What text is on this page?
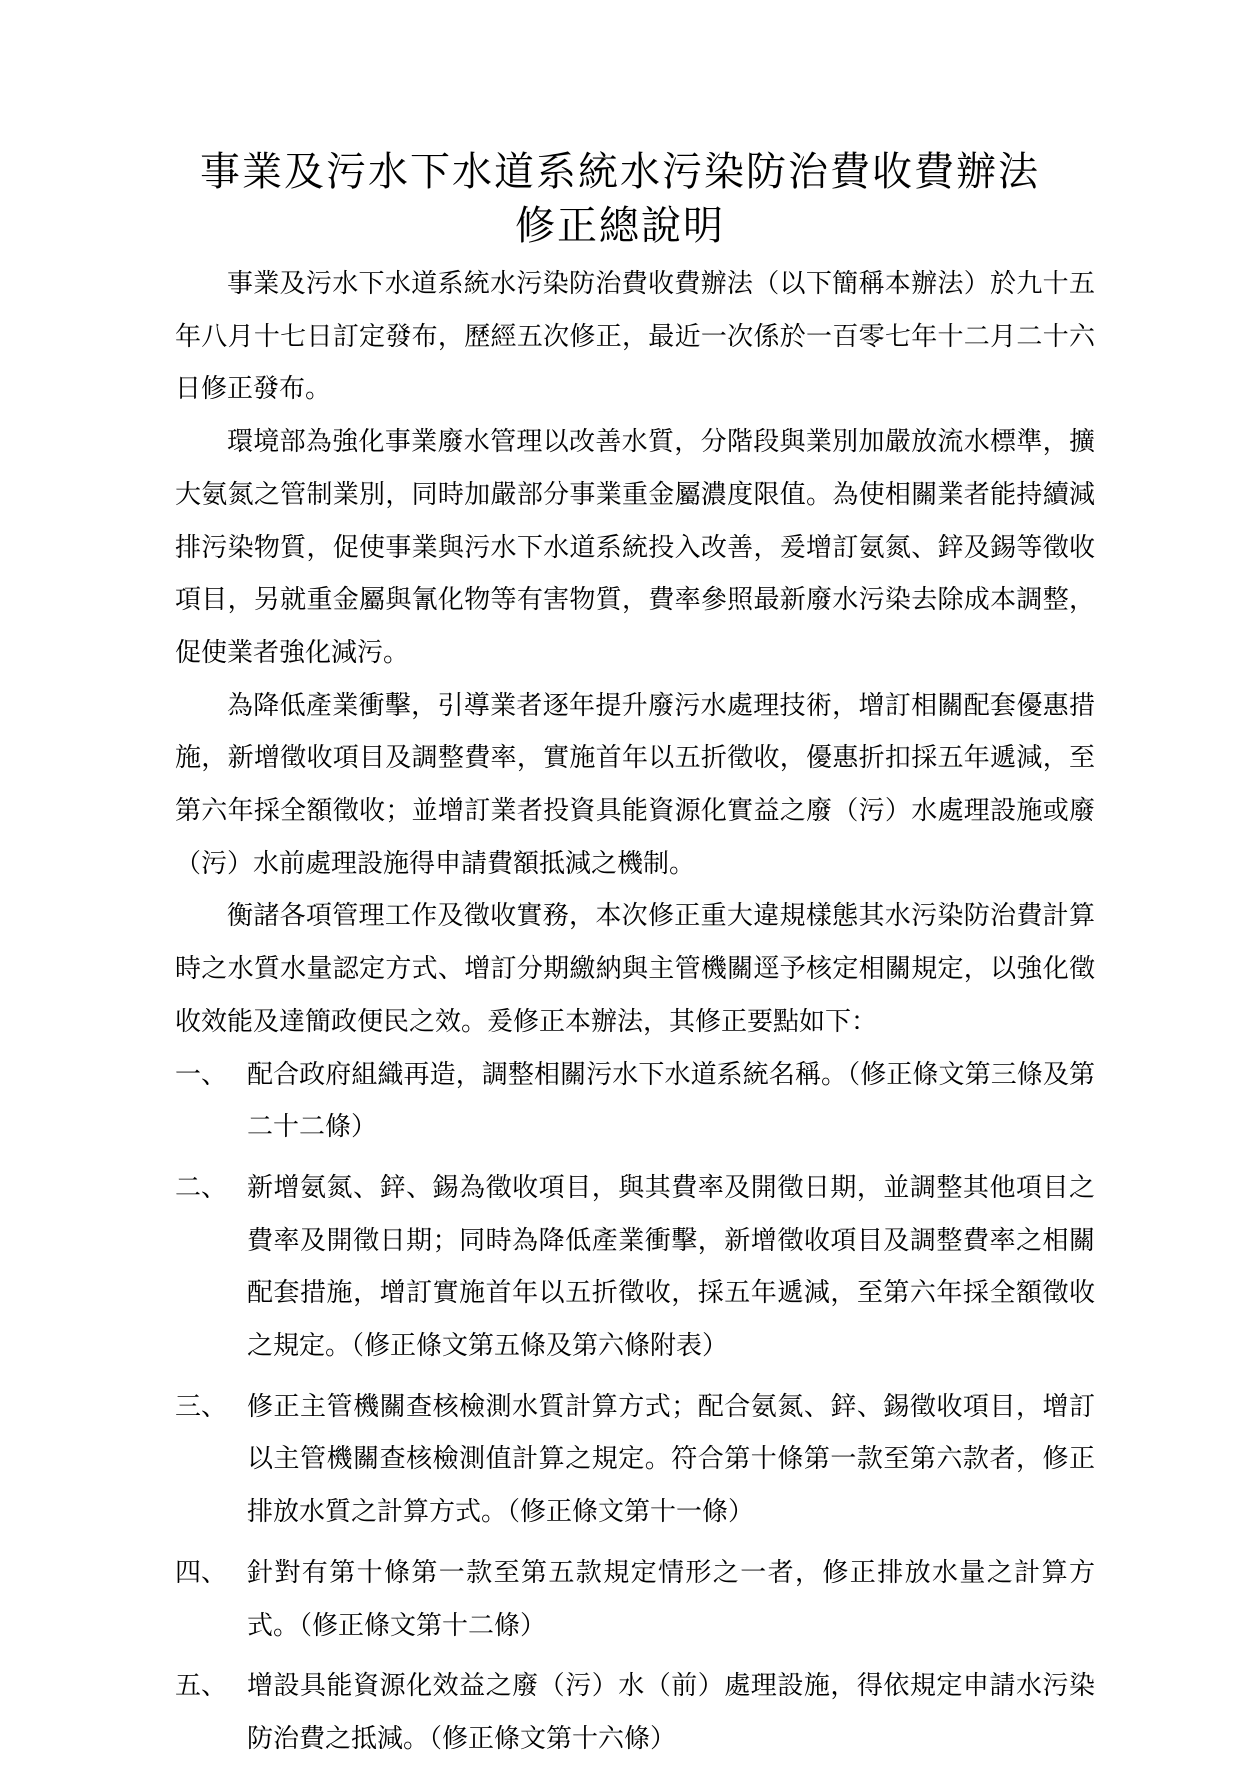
事業及污水下水道系統水污染防治費收費辦法
修正總說明

事業及污水下水道系統水污染防治費收費辦法（以下簡稱本辦法）於九十五年八月十七日訂定發布，歷經五次修正，最近一次係於一百零七年十二月二十六日修正發布。

環境部為強化事業廢水管理以改善水質，分階段與業別加嚴放流水標準，擴大氨氮之管制業別，同時加嚴部分事業重金屬濃度限值。為使相關業者能持續減排污染物質，促使事業與污水下水道系統投入改善，爰增訂氨氮、鋅及錫等徵收項目，另就重金屬與氰化物等有害物質，費率參照最新廢水污染去除成本調整，促使業者強化減污。

為降低產業衝擊，引導業者逐年提升廢污水處理技術，增訂相關配套優惠措施，新增徵收項目及調整費率，實施首年以五折徵收，優惠折扣採五年遞減，至第六年採全額徵收；並增訂業者投資具能資源化實益之廢（污）水處理設施或廢（污）水前處理設施得申請費額抵減之機制。

衡諸各項管理工作及徵收實務，本次修正重大違規樣態其水污染防治費計算時之水質水量認定方式、增訂分期繳納與主管機關逕予核定相關規定，以強化徵收效能及達簡政便民之效。爰修正本辦法，其修正要點如下：

一、 配合政府組織再造，調整相關污水下水道系統名稱。（修正條文第三條及第二十二條）
二、 新增氨氮、鋅、錫為徵收項目，與其費率及開徵日期，並調整其他項目之費率及開徵日期；同時為降低產業衝擊，新增徵收項目及調整費率之相關配套措施，增訂實施首年以五折徵收，採五年遞減，至第六年採全額徵收之規定。（修正條文第五條及第六條附表）
三、 修正主管機關查核檢測水質計算方式；配合氨氮、鋅、錫徵收項目，增訂以主管機關查核檢測值計算之規定。符合第十條第一款至第六款者，修正排放水質之計算方式。（修正條文第十一條）
四、 針對有第十條第一款至第五款規定情形之一者，修正排放水量之計算方式。（修正條文第十二條）
五、 增設具能資源化效益之廢（污）水（前）處理設施，得依規定申請水污染防治費之抵減。（修正條文第十六條）
